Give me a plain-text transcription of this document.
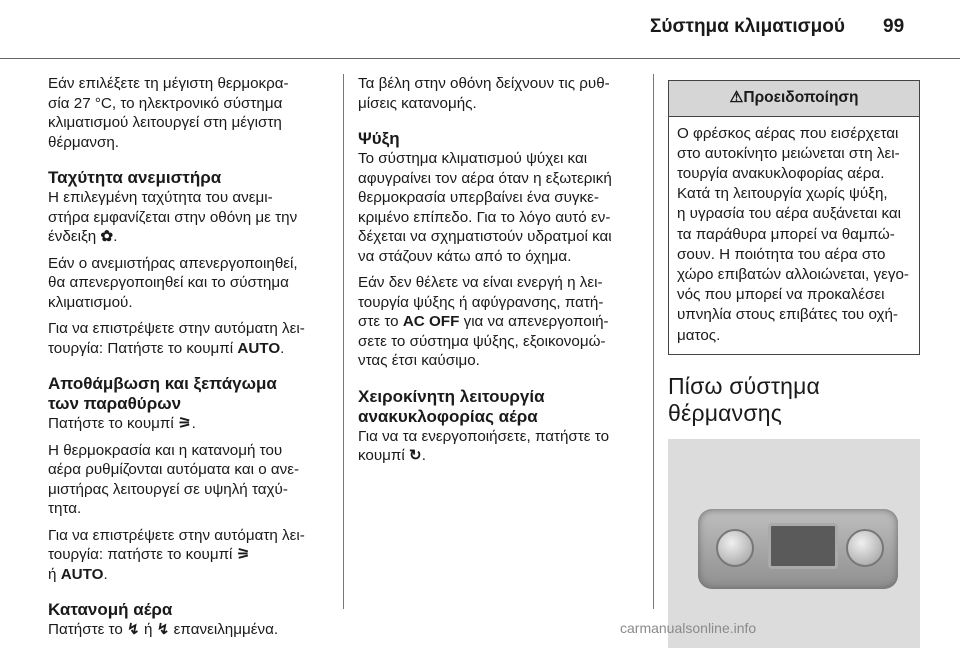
Σύστημα κλιματισμού 99

Εάν επιλέξετε τη μέγιστη θερμοκρα-
σία 27 °C, το ηλεκτρονικό σύστημα
κλιματισμού λειτουργεί στη μέγιστη
θέρμανση.

Ταχύτητα ανεμιστήρα

Η επιλεγμένη ταχύτητα του ανεμι-
στήρα εμφανίζεται στην οθόνη με την
ένδειξη ✿.

Εάν ο ανεμιστήρας απενεργοποιηθεί,
θα απενεργοποιηθεί και το σύστημα
κλιματισμού.

Για να επιστρέψετε στην αυτόματη λει-
τουργία: Πατήστε το κουμπί AUTO.

Αποθάμβωση και ξεπάγωμα
των παραθύρων

Πατήστε το κουμπί ⚞.

Η θερμοκρασία και η κατανομή του
αέρα ρυθμίζονται αυτόματα και ο ανε-
μιστήρας λειτουργεί σε υψηλή ταχύ-
τητα.

Για να επιστρέψετε στην αυτόματη λει-
τουργία: πατήστε το κουμπί ⚞
ή AUTO.

Κατανομή αέρα

Πατήστε το ↯ ή ↯ επανειλημμένα.

Τα βέλη στην οθόνη δείχνουν τις ρυθ-
μίσεις κατανομής.

Ψύξη

Το σύστημα κλιματισμού ψύχει και
αφυγραίνει τον αέρα όταν η εξωτερική
θερμοκρασία υπερβαίνει ένα συγκε-
κριμένο επίπεδο. Για το λόγο αυτό εν-
δέχεται να σχηματιστούν υδρατμοί και
να στάζουν κάτω από το όχημα.

Εάν δεν θέλετε να είναι ενεργή η λει-
τουργία ψύξης ή αφύγρανσης, πατή-
στε το AC OFF για να απενεργοποιή-
σετε το σύστημα ψύξης, εξοικονομώ-
ντας έτσι καύσιμο.

Χειροκίνητη λειτουργία
ανακυκλοφορίας αέρα

Για να τα ενεργοποιήσετε, πατήστε το
κουμπί ↻.

⚠Προειδοποίηση
Ο φρέσκος αέρας που εισέρχεται
στο αυτοκίνητο μειώνεται στη λει-
τουργία ανακυκλοφορίας αέρα.
Κατά τη λειτουργία χωρίς ψύξη,
η υγρασία του αέρα αυξάνεται και
τα παράθυρα μπορεί να θαμπώ-
σουν. Η ποιότητα του αέρα στο
χώρο επιβατών αλλοιώνεται, γεγο-
νός που μπορεί να προκαλέσει
υπνηλία στους επιβάτες του οχή-
ματος.
Πίσω σύστημα θέρμανσης
carmanualsonline.info
